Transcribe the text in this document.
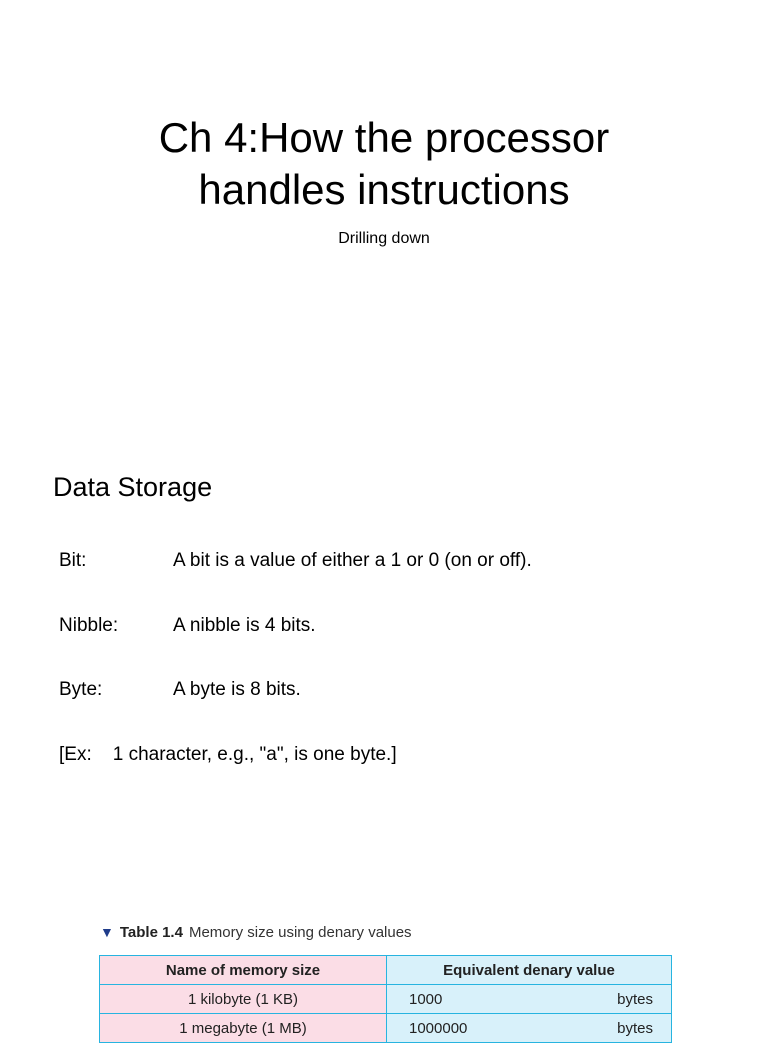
Ch 4:How the processor
handles instructions
Drilling down
Data Storage
Bit:	A bit is a value of either a 1 or 0 (on or off).
Nibble:	A nibble is 4 bits.
Byte:	A byte is 8 bits.
[Ex: 1 character, e.g., "a", is one byte.]
▼ Table 1.4 Memory size using denary values
Name of memory size	Equivalent denary value
1 kilobyte (1 KB)	1000 bytes

1 megabyte (1 MB)	1000000 bytes
